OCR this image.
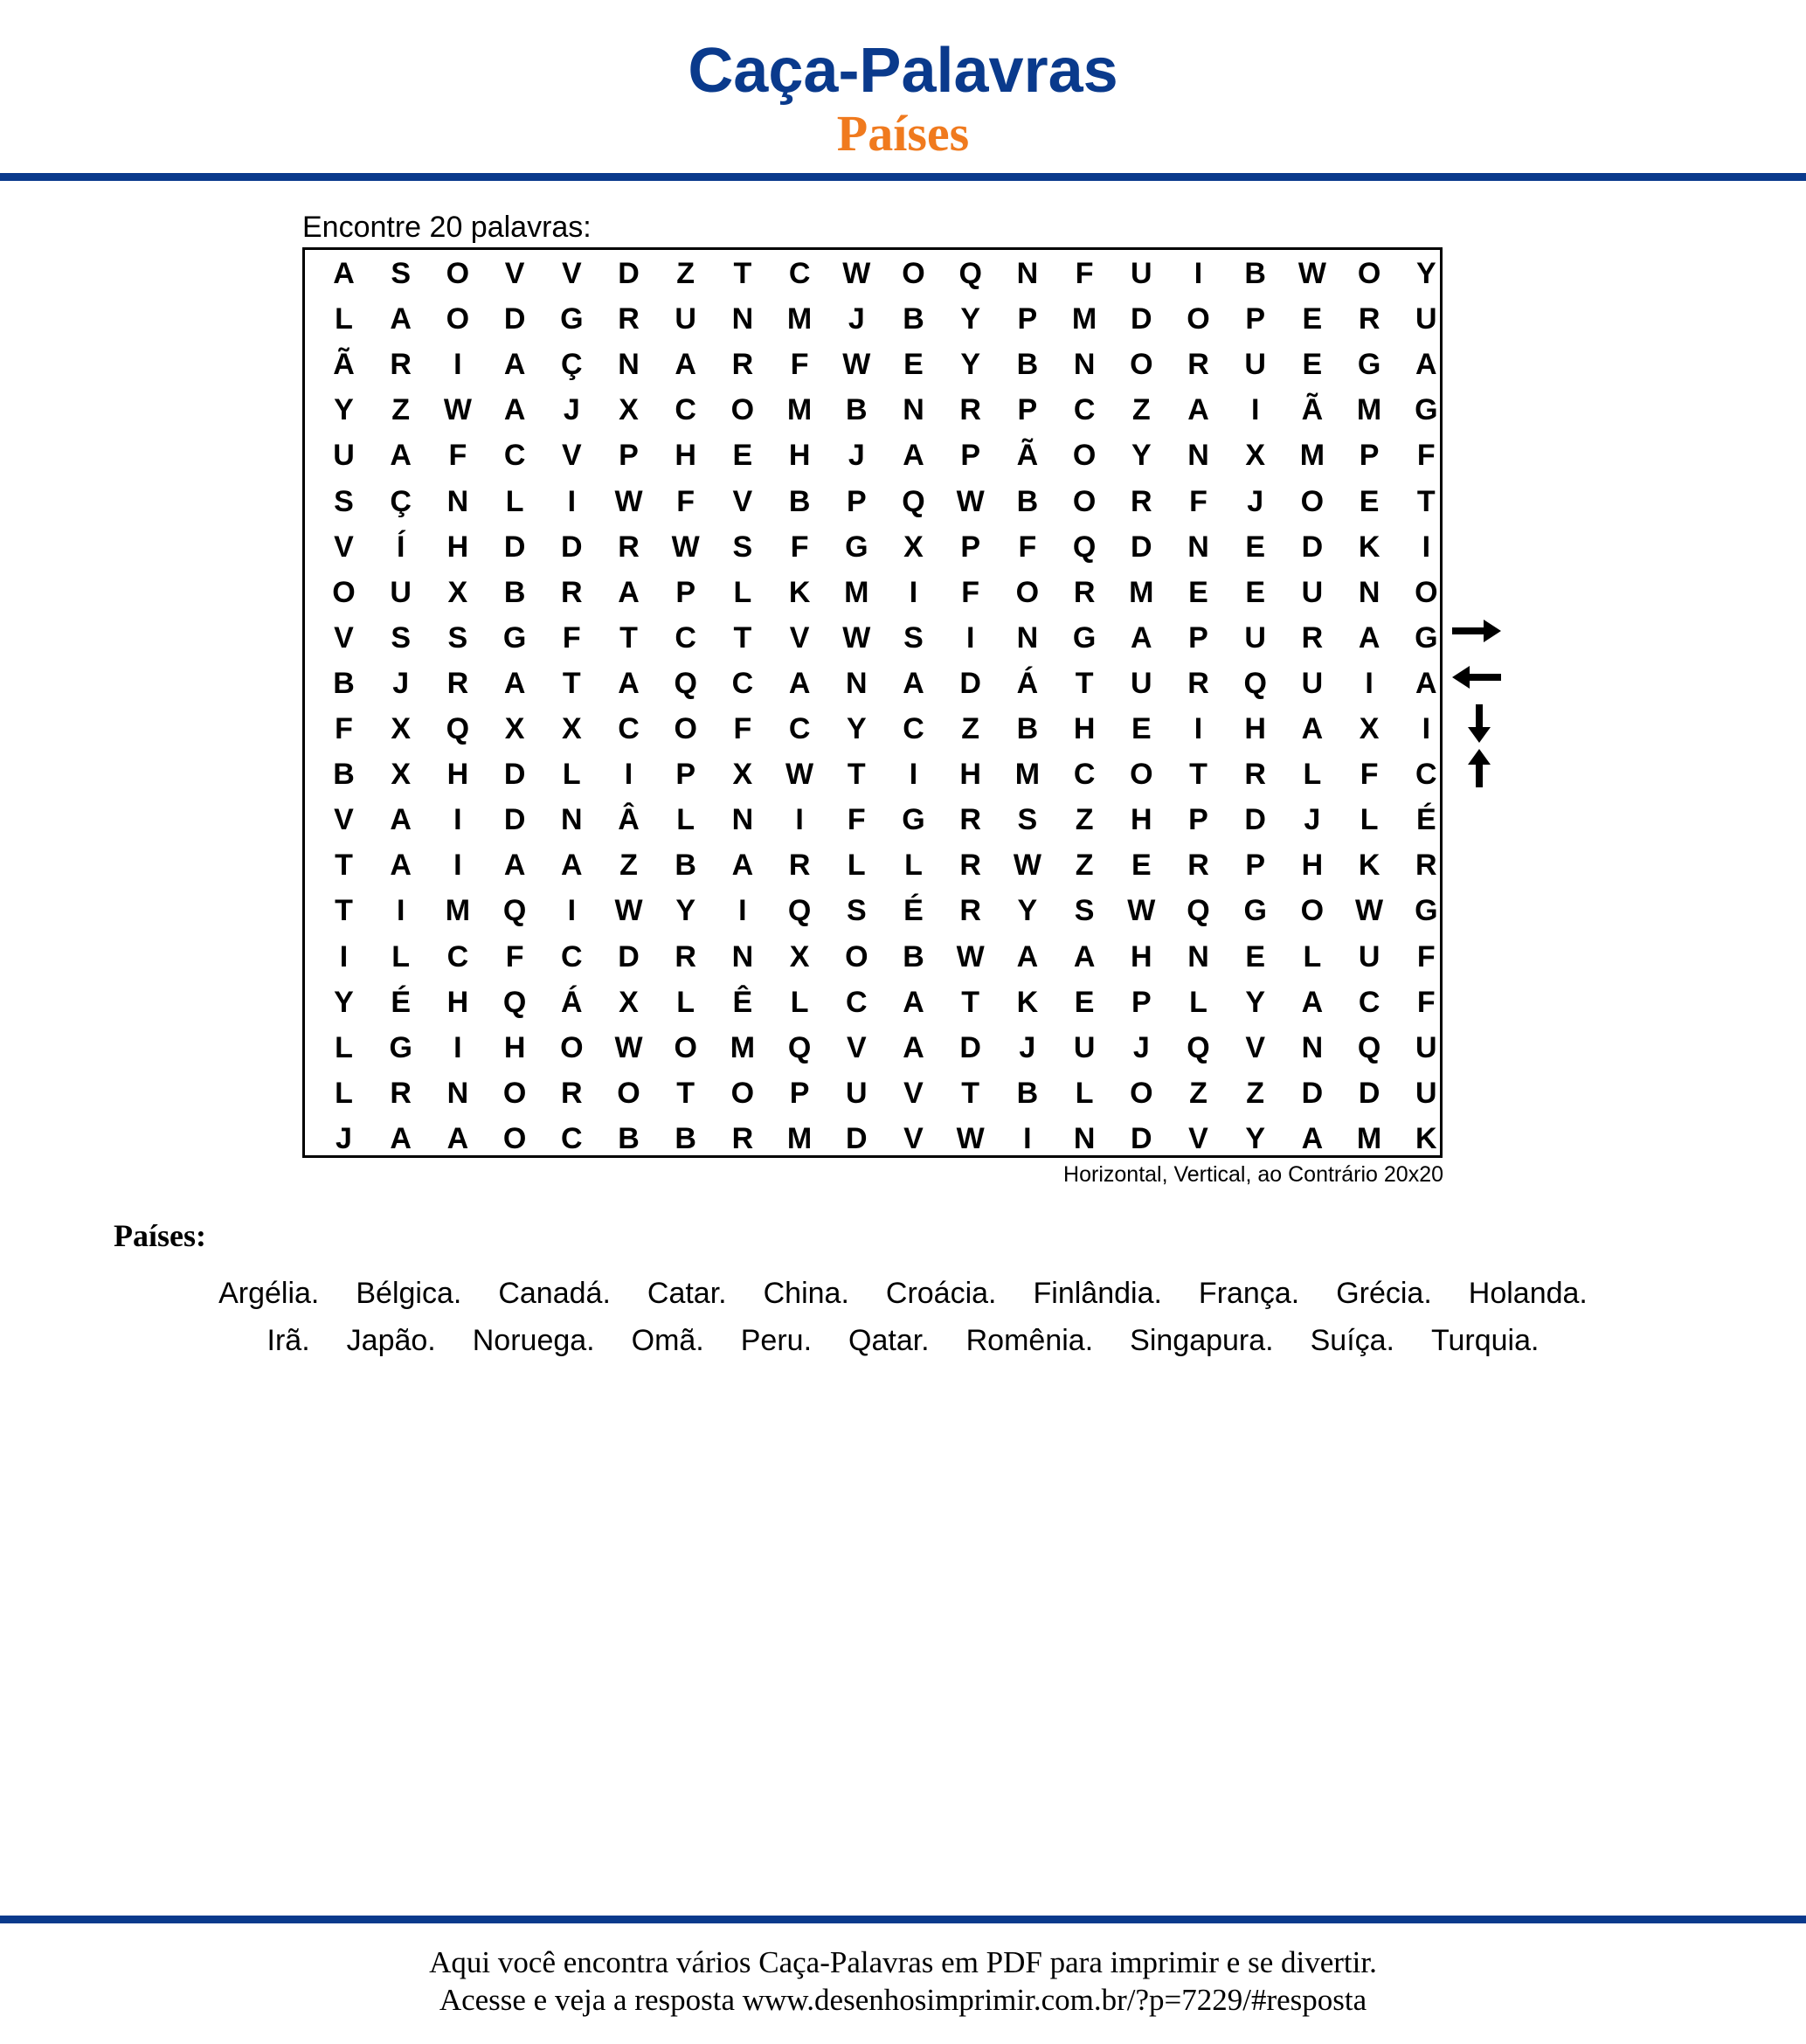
Caça-Palavras
Países
Encontre 20 palavras:
A	S	O	V	V	D	Z	T	C	W	O	Q	N	F	U	I	B	W	O	Y
L	A	O	D	G	R	U	N	M	J	B	Y	P	M	D	O	P	E	R	U
Ã	R	I	A	Ç	N	A	R	F	W	E	Y	B	N	O	R	U	E	G	A
Y	Z	W	A	J	X	C	O	M	B	N	R	P	C	Z	A	I	Ã	M	G
U	A	F	C	V	P	H	E	H	J	A	P	Ã	O	Y	N	X	M	P	F
S	Ç	N	L	I	W	F	V	B	P	Q	W	B	O	R	F	J	O	E	T
V	Í	H	D	D	R	W	S	F	G	X	P	F	Q	D	N	E	D	K	I
O	U	X	B	R	A	P	L	K	M	I	F	O	R	M	E	E	U	N	O
V	S	S	G	F	T	C	T	V	W	S	I	N	G	A	P	U	R	A	G
B	J	R	A	T	A	Q	C	A	N	A	D	Á	T	U	R	Q	U	I	A
F	X	Q	X	X	C	O	F	C	Y	C	Z	B	H	E	I	H	A	X	I
B	X	H	D	L	I	P	X	W	T	I	H	M	C	O	T	R	L	F	C
V	A	I	D	N	Â	L	N	I	F	G	R	S	Z	H	P	D	J	L	É
T	A	I	A	A	Z	B	A	R	L	L	R	W	Z	E	R	P	H	K	R
T	I	M	Q	I	W	Y	I	Q	S	É	R	Y	S	W	Q	G	O	W	G
I	L	C	F	C	D	R	N	X	O	B	W	A	A	H	N	E	L	U	F
Y	É	H	Q	Á	X	L	Ê	L	C	A	T	K	E	P	L	Y	A	C	F
L	G	I	H	O	W	O	M	Q	V	A	D	J	U	J	Q	V	N	Q	U
L	R	N	O	R	O	T	O	P	U	V	T	B	L	O	Z	Z	D	D	U
J	A	A	O	C	B	B	R	M	D	V	W	I	N	D	V	Y	A	M	K
Horizontal, Vertical, ao Contrário 20x20
Países:
Argélia. Bélgica. Canadá. Catar. China. Croácia. Finlândia. França. Grécia. Holanda.
Irã. Japão. Noruega. Omã. Peru. Qatar. Romênia. Singapura. Suíça. Turquia.
Aqui você encontra vários Caça-Palavras em PDF para imprimir e se divertir.
Acesse e veja a resposta www.desenhosimprimir.com.br/?p=7229/#resposta
